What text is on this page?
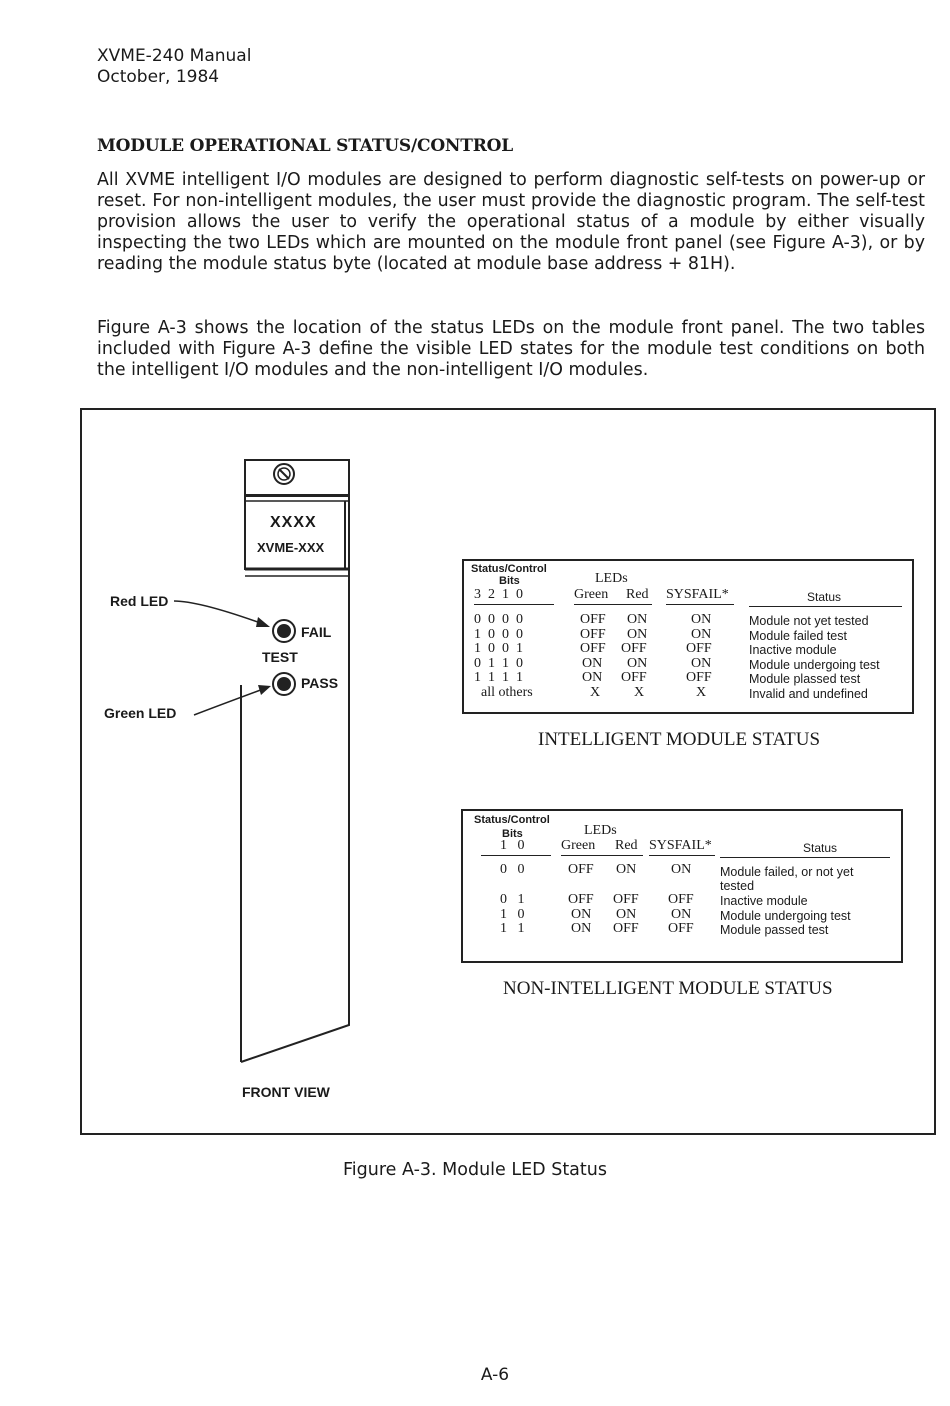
XVME-240 Manual
October, 1984
MODULE OPERATIONAL STATUS/CONTROL

All XVME intelligent I/O modules are designed to perform diagnostic self-tests on power-up or reset. For non-intelligent modules, the user must provide the diagnostic program. The self-test provision allows the user to verify the operational status of a module by either visually inspecting the two LEDs which are mounted on the module front panel (see Figure A-3), or by reading the module status byte (located at module base address + 81H).

Figure A-3 shows the location of the status LEDs on the module front panel. The two tables included with Figure A-3 define the visible LED states for the module test conditions on both the intelligent I/O modules and the non-intelligent I/O modules.

XXXX
XVME-XXX
FAIL
TEST
PASS
Red LED
Green LED
FRONT VIEW
Status/Control
Bits	LEDs
3  2  1  0	Green Red SYSFAIL*	Status
0  0  0  0	OFF ON	ON	Module not yet tested
1  0  0  0	OFF ON	ON	Module failed test
1  0  0  1	OFF OFF	OFF	Inactive module
0  1  1  0	ON ON	ON	Module undergoing test
1  1  1  1	ON OFF	OFF	Module plassed test
all others	X X	X	Invalid and undefined
INTELLIGENT MODULE STATUS
Status/Control
Bits	LEDs
1   0	Green Red SYSFAIL*	Status
0   0	OFF ON ON Module failed, or not yet
tested
0   1	OFF OFF OFF Inactive module
1   0	ON ON ON Module undergoing test
1   1	ON OFF OFF Module passed test
NON-INTELLIGENT MODULE STATUS
Figure A-3. Module LED Status
A-6
